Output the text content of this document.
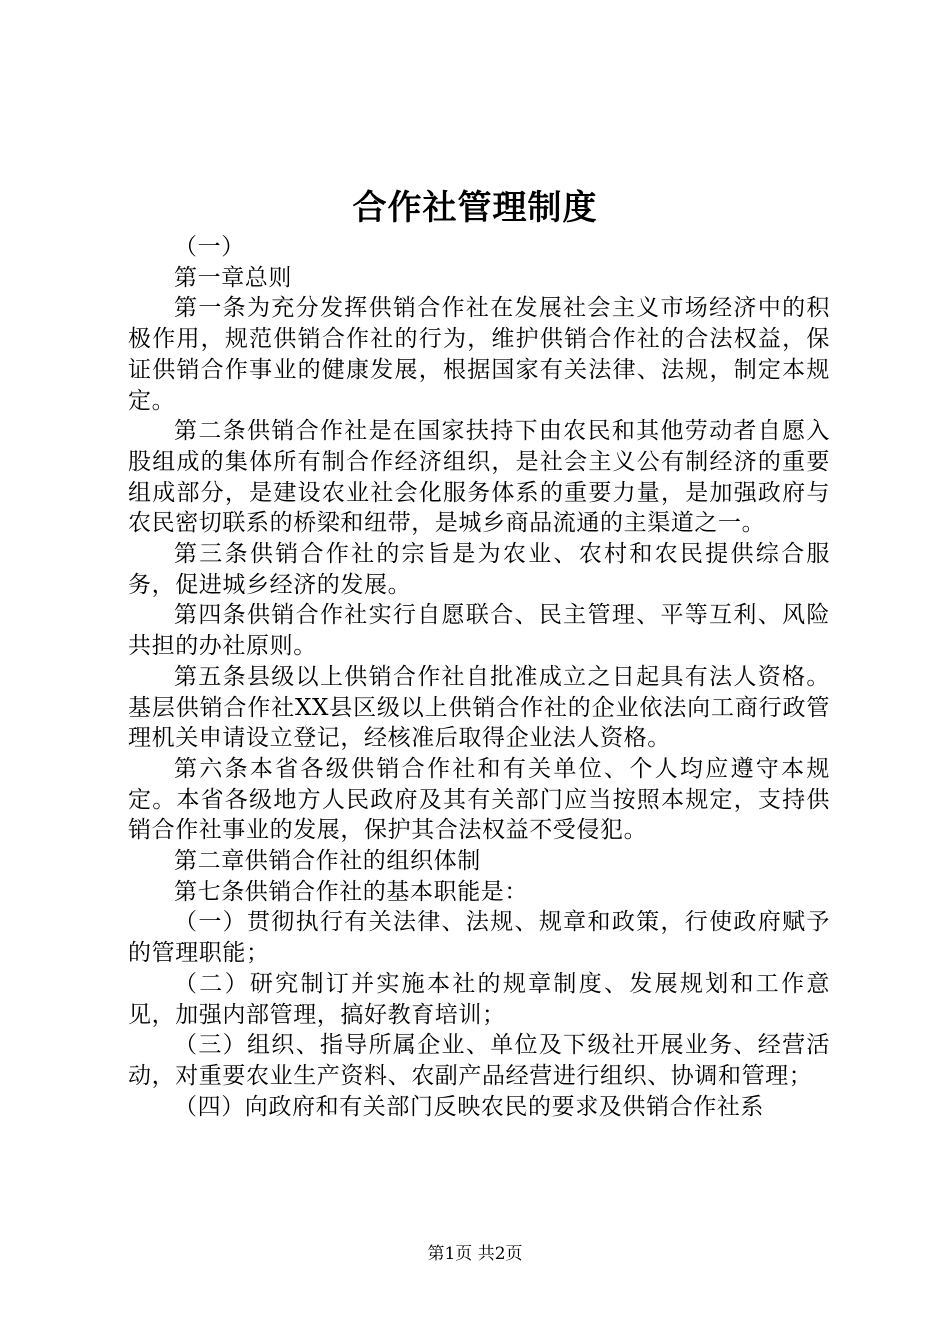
合作社管理制度

（一）

第一章总则

第一条为充分发挥供销合作社在发展社会主义市场经济中的积极作用，规范供销合作社的行为，维护供销合作社的合法权益，保证供销合作事业的健康发展，根据国家有关法律、法规，制定本规定。

第二条供销合作社是在国家扶持下由农民和其他劳动者自愿入股组成的集体所有制合作经济组织，是社会主义公有制经济的重要组成部分，是建设农业社会化服务体系的重要力量，是加强政府与农民密切联系的桥梁和纽带，是城乡商品流通的主渠道之一。

第三条供销合作社的宗旨是为农业、农村和农民提供综合服务，促进城乡经济的发展。

第四条供销合作社实行自愿联合、民主管理、平等互利、风险共担的办社原则。

第五条县级以上供销合作社自批准成立之日起具有法人资格。基层供销合作社XX县区级以上供销合作社的企业依法向工商行政管理机关申请设立登记，经核准后取得企业法人资格。

第六条本省各级供销合作社和有关单位、个人均应遵守本规定。本省各级地方人民政府及其有关部门应当按照本规定，支持供销合作社事业的发展，保护其合法权益不受侵犯。

第二章供销合作社的组织体制

第七条供销合作社的基本职能是：

（一）贯彻执行有关法律、法规、规章和政策，行使政府赋予的管理职能；

（二）研究制订并实施本社的规章制度、发展规划和工作意见，加强内部管理，搞好教育培训；

（三）组织、指导所属企业、单位及下级社开展业务、经营活动，对重要农业生产资料、农副产品经营进行组织、协调和管理；

（四）向政府和有关部门反映农民的要求及供销合作社系

第1页 共2页
